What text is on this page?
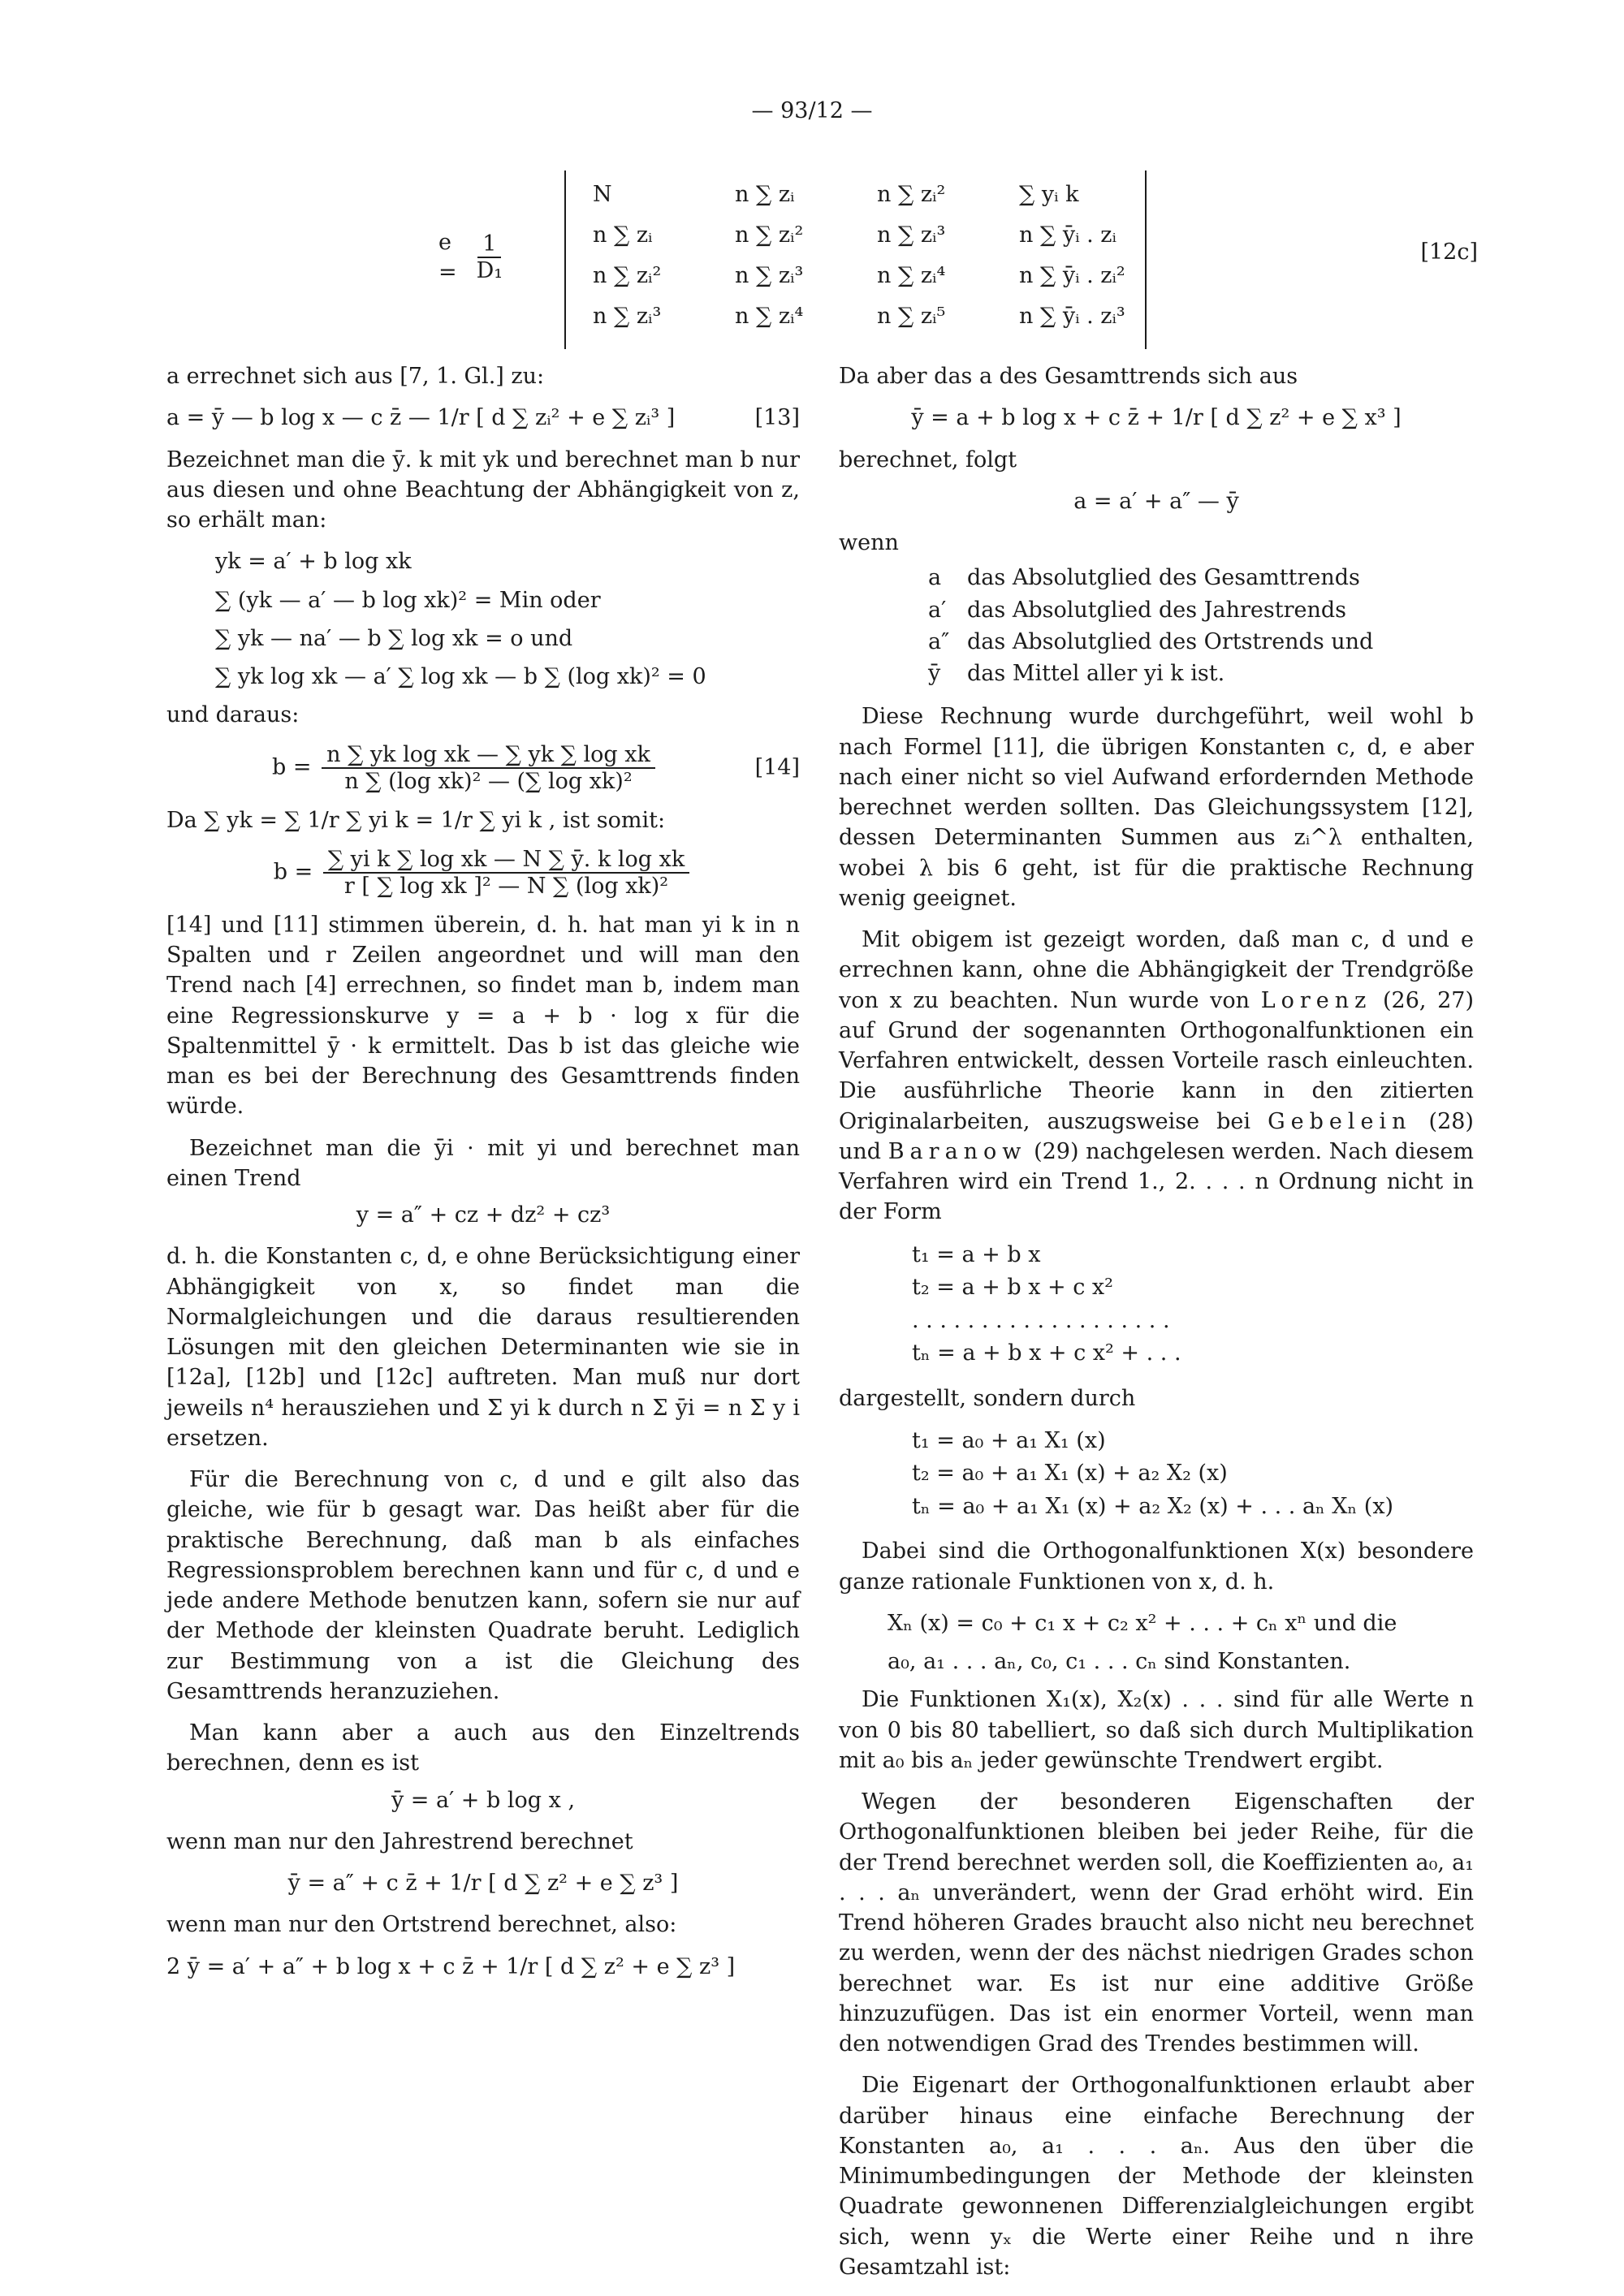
— 93/12 —
$e = \frac{1}{\text{D₁}}$
N	n ∑ zᵢ	n ∑ zᵢ²	∑ yᵢ k
n ∑ zᵢ	n ∑ zᵢ²	n ∑ zᵢ³	n ∑ ȳᵢ . zᵢ
n ∑ zᵢ²	n ∑ zᵢ³	n ∑ zᵢ⁴	n ∑ ȳᵢ . zᵢ²
n ∑ zᵢ³	n ∑ zᵢ⁴	n ∑ zᵢ⁵	n ∑ ȳᵢ . zᵢ³
[12c]

a errechnet sich aus [7, 1. Gl.] zu:

a = ȳ — b log x — c z̄ — 1/r [ d ∑ zᵢ² + e ∑ zᵢ³ ]	[13]

Bezeichnet man die ȳ. k mit yk und berechnet man b nur aus diesen und ohne Beachtung der Abhängigkeit von z, so erhält man:

yk = a′ + b log xk
∑ (yk — a′ — b log xk)² = Min oder
∑ yk — na′ — b ∑ log xk = o und
∑ yk log xk — a′ ∑ log xk — b ∑ (log xk)² = 0

und daraus:

$b = \frac{\text{n ∑ yk log xk — ∑ yk ∑ log xk}}{\text{n ∑ (log xk)² — (∑ log xk)²}}$	[14]

Da ∑ yk = ∑ 1/r ∑ yi k = 1/r ∑ yi k , ist somit:

$b = \frac{\text{∑ yi k ∑ log xk — N ∑ ȳ. k log xk}}{\text{r [ ∑ log xk ]² — N ∑ (log xk)²}}$

[14] und [11] stimmen überein, d. h. hat man yi k in n Spalten und r Zeilen angeordnet und will man den Trend nach [4] errechnen, so findet man b, indem man eine Regressionskurve y = a + b · log x für die Spaltenmittel ȳ · k ermittelt. Das b ist das gleiche wie man es bei der Berechnung des Gesamttrends finden würde.

Bezeichnet man die ȳi · mit yi und berechnet man einen Trend

y = a″ + cz + dz² + cz³

d. h. die Konstanten c, d, e ohne Berücksichtigung einer Abhängigkeit von x, so findet man die Normalgleichungen und die daraus resultierenden Lösungen mit den gleichen Determinanten wie sie in [12a], [12b] und [12c] auftreten. Man muß nur dort jeweils n⁴ herausziehen und Σ yi k durch n Σ ȳi = n Σ y i ersetzen.

Für die Berechnung von c, d und e gilt also das gleiche, wie für b gesagt war. Das heißt aber für die praktische Berechnung, daß man b als einfaches Regressionsproblem berechnen kann und für c, d und e jede andere Methode benutzen kann, sofern sie nur auf der Methode der kleinsten Quadrate beruht. Lediglich zur Bestimmung von a ist die Gleichung des Gesamttrends heranzuziehen.

Man kann aber a auch aus den Einzeltrends berechnen, denn es ist

ȳ = a′ + b log x ,

wenn man nur den Jahrestrend berechnet

ȳ = a″ + c z̄ + 1/r [ d ∑ z² + e ∑ z³ ]

wenn man nur den Ortstrend berechnet, also:

2 ȳ = a′ + a″ + b log x + c z̄ + 1/r [ d ∑ z² + e ∑ z³ ]

Da aber das a des Gesamttrends sich aus

ȳ = a + b log x + c z̄ + 1/r [ d ∑ z² + e ∑ x³ ]

berechnet, folgt

a = a′ + a″ — ȳ

wenn

a	das Absolutglied des Gesamttrends
a′ das Absolutglied des Jahrestrends
a″ das Absolutglied des Ortstrends und
ȳ	das Mittel aller yi k ist.

Diese Rechnung wurde durchgeführt, weil wohl b nach Formel [11], die übrigen Konstanten c, d, e aber nach einer nicht so viel Aufwand erfordernden Methode berechnet werden sollten. Das Gleichungssystem [12], dessen Determinanten Summen aus zᵢ^λ enthalten, wobei λ bis 6 geht, ist für die praktische Rechnung wenig geeignet.

Mit obigem ist gezeigt worden, daß man c, d und e errechnen kann, ohne die Abhängigkeit der Trendgröße von x zu beachten. Nun wurde von Lorenz (26, 27) auf Grund der sogenannten Orthogonalfunktionen ein Verfahren entwickelt, dessen Vorteile rasch einleuchten. Die ausführliche Theorie kann in den zitierten Originalarbeiten, auszugsweise bei Gebelein (28) und Baranow (29) nachgelesen werden. Nach diesem Verfahren wird ein Trend 1., 2. . . . n Ordnung nicht in der Form

t₁ = a + b x
t₂ = a + b x + c x²
. . . . . . . . . . . . . . . . . . .
tₙ = a + b x + c x² + . . .

dargestellt, sondern durch

t₁ = a₀ + a₁ X₁ (x)
t₂ = a₀ + a₁ X₁ (x) + a₂ X₂ (x)
tₙ = a₀ + a₁ X₁ (x) + a₂ X₂ (x) + . . . aₙ Xₙ (x)

Dabei sind die Orthogonalfunktionen X(x) besondere ganze rationale Funktionen von x, d. h.

Xₙ (x) = c₀ + c₁ x + c₂ x² + . . . + cₙ xⁿ und die
a₀, a₁ . . . aₙ, c₀, c₁ . . . cₙ sind Konstanten.

Die Funktionen X₁(x), X₂(x) . . . sind für alle Werte n von 0 bis 80 tabelliert, so daß sich durch Multiplikation mit a₀ bis aₙ jeder gewünschte Trendwert ergibt.

Wegen der besonderen Eigenschaften der Orthogonalfunktionen bleiben bei jeder Reihe, für die der Trend berechnet werden soll, die Koeffizienten a₀, a₁ . . . aₙ unverändert, wenn der Grad erhöht wird. Ein Trend höheren Grades braucht also nicht neu berechnet zu werden, wenn der des nächst niedrigen Grades schon berechnet war. Es ist nur eine additive Größe hinzuzufügen. Das ist ein enormer Vorteil, wenn man den notwendigen Grad des Trendes bestimmen will.

Die Eigenart der Orthogonalfunktionen erlaubt aber darüber hinaus eine einfache Berechnung der Konstanten a₀, a₁ . . . aₙ. Aus den über die Minimumbedingungen der Methode der kleinsten Quadrate gewonnenen Differenzialgleichungen ergibt sich, wenn yₓ die Werte einer Reihe und n ihre Gesamtzahl ist:
